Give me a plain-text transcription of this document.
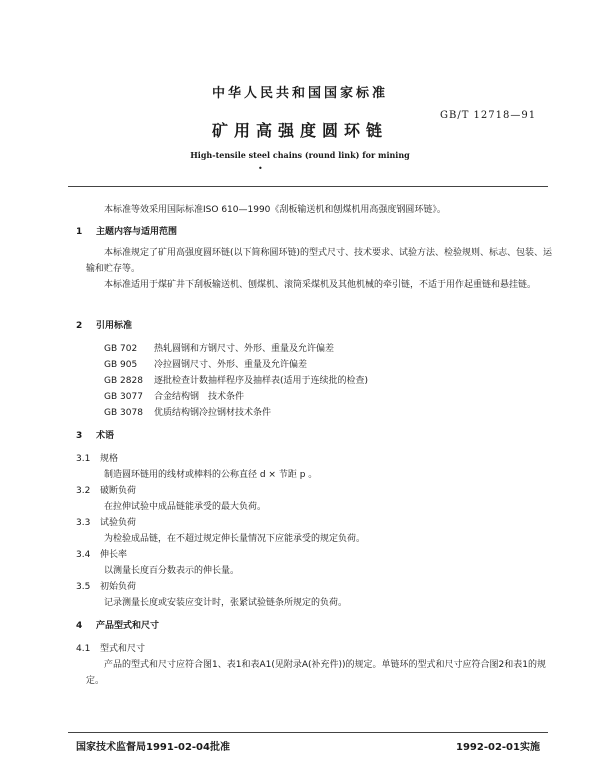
中华人民共和国国家标准
GB/T 12718—91
矿用高强度圆环链
High-tensile steel chains (round link) for mining
•
本标准等效采用国际标准ISO 610—1990《刮板输送机和刨煤机用高强度钢圆环链》。
1 主题内容与适用范围
本标准规定了矿用高强度圆环链(以下简称圆环链)的型式尺寸、技术要求、试验方法、检验规则、标志、包装、运输和贮存等。
本标准适用于煤矿井下刮板输送机、刨煤机、滚筒采煤机及其他机械的牵引链，不适于用作起重链和悬挂链。
2 引用标准
GB 702 热轧圆钢和方钢尺寸、外形、重量及允许偏差
GB 905 冷拉圆钢尺寸、外形、重量及允许偏差
GB 2828 逐批检查计数抽样程序及抽样表(适用于连续批的检查)
GB 3077 合金结构钢　技术条件
GB 3078 优质结构钢冷拉钢材技术条件
3 术语
3.1 规格
制造圆环链用的线材或棒料的公称直径 d × 节距 p 。
3.2 破断负荷
在拉伸试验中成品链能承受的最大负荷。
3.3 试验负荷
为检验成品链，在不超过规定伸长量情况下应能承受的规定负荷。
3.4 伸长率
以测量长度百分数表示的伸长量。
3.5 初始负荷
记录测量长度或安装应变计时，张紧试验链条所规定的负荷。
4 产品型式和尺寸
4.1 型式和尺寸
产品的型式和尺寸应符合图1、表1和表A1(见附录A(补充件))的规定。单链环的型式和尺寸应符合图2和表1的规定。
国家技术监督局1991-02-04批准	1992-02-01实施
